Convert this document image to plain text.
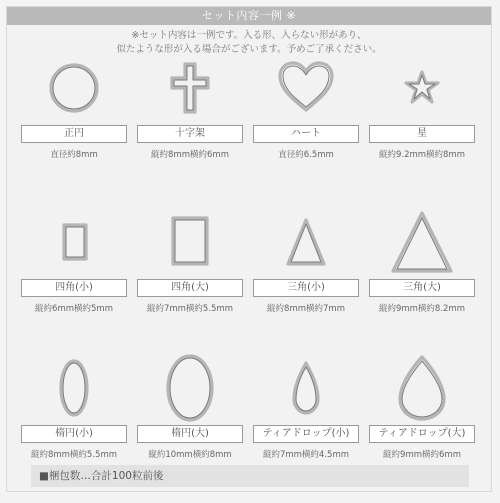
セット内容一例 ※
※セット内容は一例です。入る形、入らない形があり、
似たような形が入る場合がございます。予めご了承ください。
正円
直径約8mm
十字架
縦約8mm横約6mm
ハート
直径約6.5mm
星
縦約9.2mm横約8mm
四角(小)
縦約6mm横約5mm
四角(大)
縦約7mm横約5.5mm
三角(小)
縦約8mm横約7mm
三角(大)
縦約9mm横約8.2mm
楕円(小)
縦約8mm横約5.5mm
楕円(大)
縦約10mm横約8mm
ティアドロップ(小)
縦約7mm横約4.5mm
ティアドロップ(大)
縦約9mm横約6mm
■梱包数…合計100粒前後
